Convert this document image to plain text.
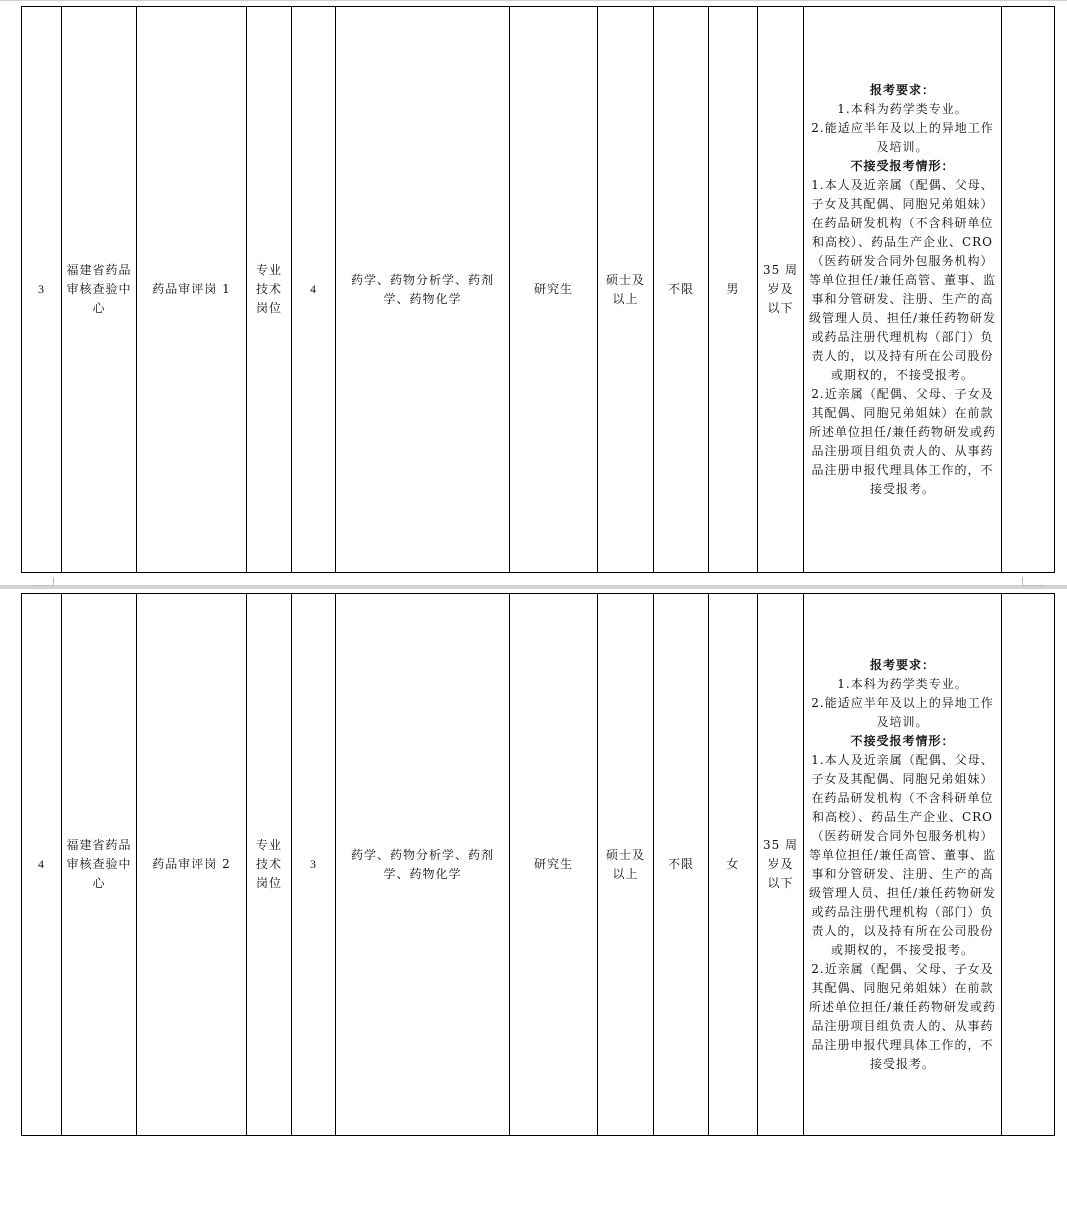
3	福建省药品审核查验中心	药品审评岗 1	专业技术岗位	4	药学、药物分析学、药剂学、药物化学	研究生	硕士及以上	不限	男	35 周岁及以下	
报考要求：
1.本科为药学类专业。
2.能适应半年及以上的异地工作及培训。
不接受报考情形：
1.本人及近亲属（配偶、父母、子女及其配偶、同胞兄弟姐妹）在药品研发机构（不含科研单位和高校）、药品生产企业、CRO（医药研发合同外包服务机构）等单位担任/兼任高管、董事、监事和分管研发、注册、生产的高级管理人员、担任/兼任药物研发或药品注册代理机构（部门）负责人的，以及持有所在公司股份或期权的，不接受报考。
2.近亲属（配偶、父母、子女及其配偶、同胞兄弟姐妹）在前款所述单位担任/兼任药物研发或药品注册项目组负责人的、从事药品注册申报代理具体工作的，不接受报考。

4	福建省药品审核查验中心	药品审评岗 2	专业技术岗位	3	药学、药物分析学、药剂学、药物化学	研究生	硕士及以上	不限	女	35 周岁及以下	
报考要求：
1.本科为药学类专业。
2.能适应半年及以上的异地工作及培训。
不接受报考情形：
1.本人及近亲属（配偶、父母、子女及其配偶、同胞兄弟姐妹）在药品研发机构（不含科研单位和高校）、药品生产企业、CRO（医药研发合同外包服务机构）等单位担任/兼任高管、董事、监事和分管研发、注册、生产的高级管理人员、担任/兼任药物研发或药品注册代理机构（部门）负责人的，以及持有所在公司股份或期权的，不接受报考。
2.近亲属（配偶、父母、子女及其配偶、同胞兄弟姐妹）在前款所述单位担任/兼任药物研发或药品注册项目组负责人的、从事药品注册申报代理具体工作的，不接受报考。
